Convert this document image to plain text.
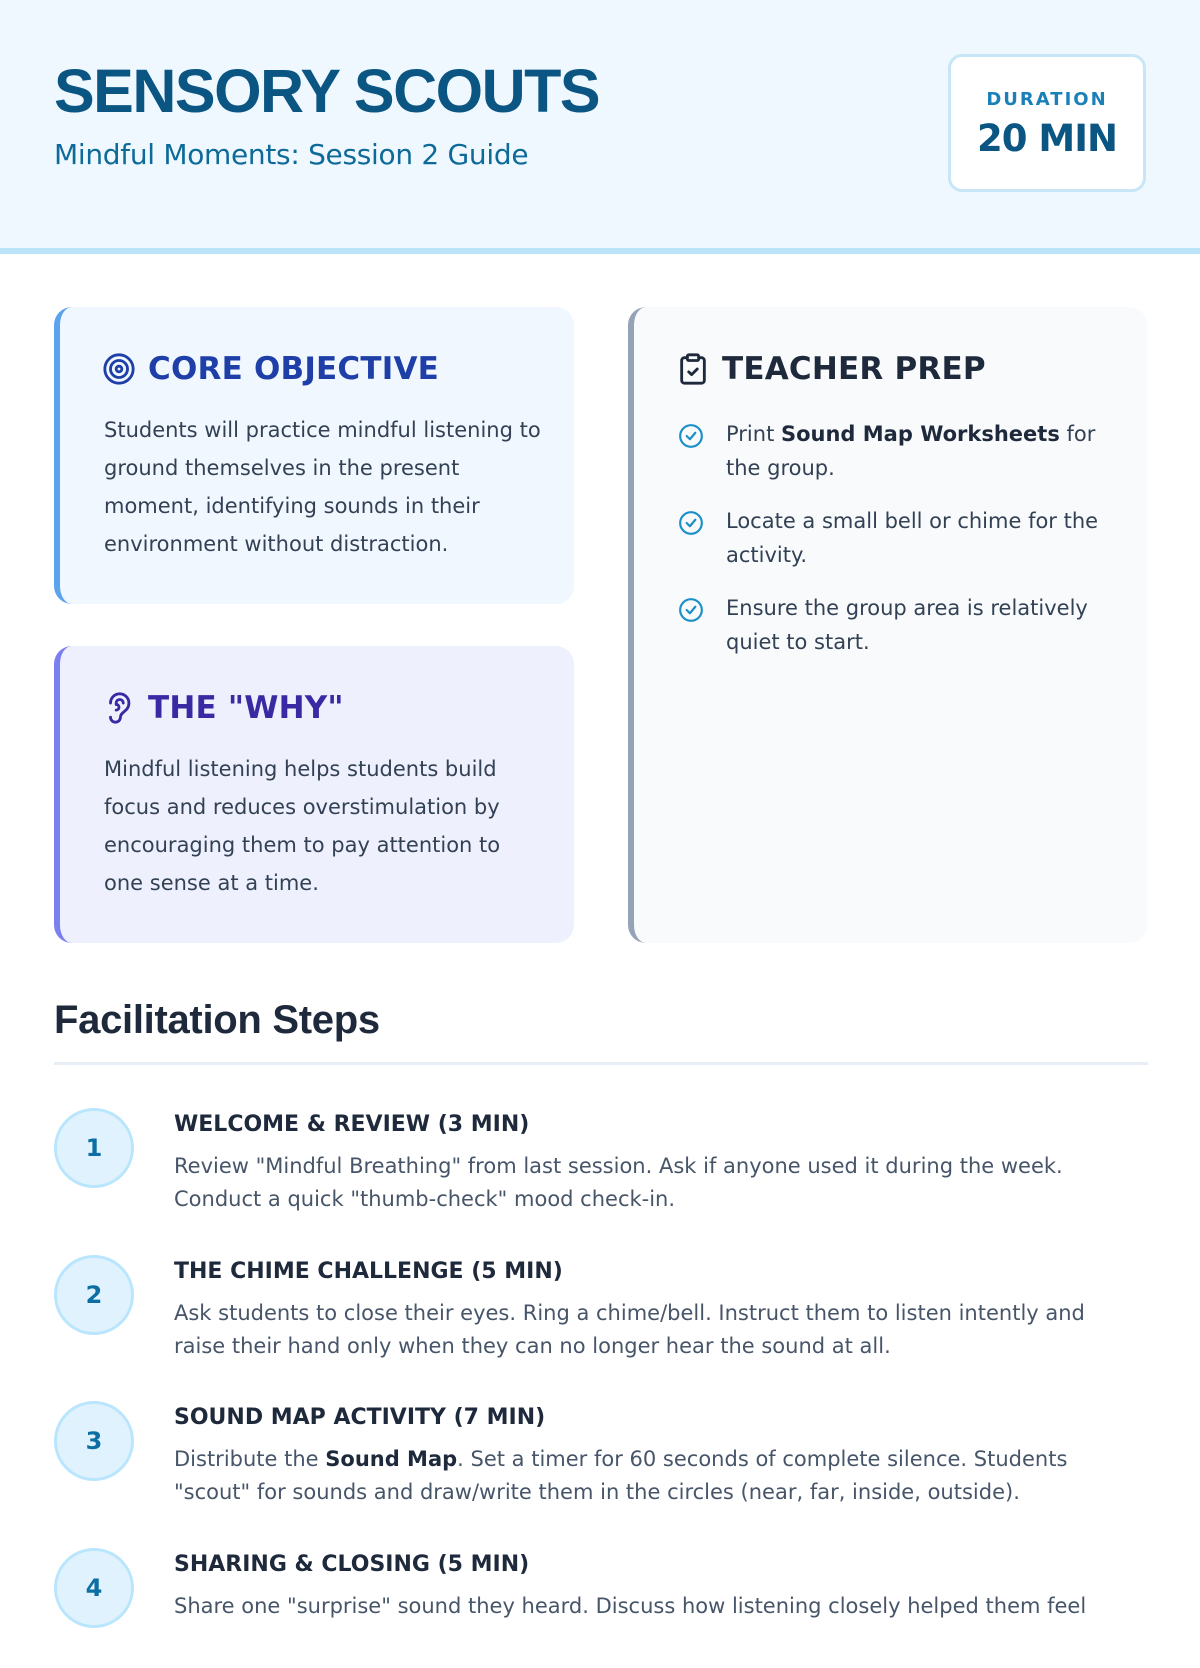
SENSORY SCOUTS
Mindful Moments: Session 2 Guide
DURATION
20 MIN
CORE OBJECTIVE
Students will practice mindful listening to ground themselves in the present moment, identifying sounds in their environment without distraction.
THE "WHY"
Mindful listening helps students build focus and reduces overstimulation by encouraging them to pay attention to one sense at a time.
TEACHER PREP
Print Sound Map Worksheets for the group.
Locate a small bell or chime for the activity.
Ensure the group area is relatively quiet to start.
Facilitation Steps
1
WELCOME & REVIEW (3 MIN)
Review "Mindful Breathing" from last session. Ask if anyone used it during the week. Conduct a quick "thumb-check" mood check-in.
2
THE CHIME CHALLENGE (5 MIN)
Ask students to close their eyes. Ring a chime/bell. Instruct them to listen intently and raise their hand only when they can no longer hear the sound at all.
3
SOUND MAP ACTIVITY (7 MIN)
Distribute the Sound Map. Set a timer for 60 seconds of complete silence. Students "scout" for sounds and draw/write them in the circles (near, far, inside, outside).
4
SHARING & CLOSING (5 MIN)
Share one "surprise" sound they heard. Discuss how listening closely helped them feel
